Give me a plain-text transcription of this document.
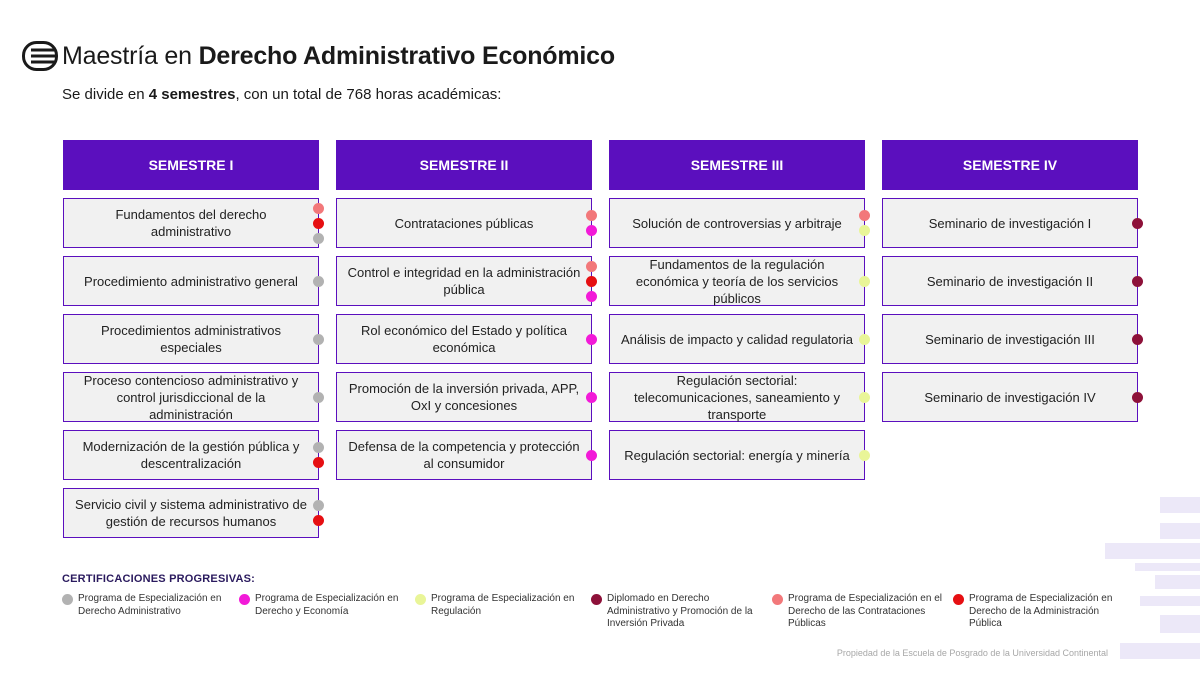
Maestría en Derecho Administrativo Económico
Se divide en 4 semestres, con un total de 768 horas académicas:
SEMESTRE I
Fundamentos del derecho administrativo
Procedimiento administrativo general
Procedimientos administrativos especiales
Proceso contencioso administrativo y control jurisdiccional de la administración
Modernización de la gestión pública y descentralización
Servicio civil y sistema administrativo de gestión de recursos humanos
SEMESTRE II
Contrataciones públicas
Control e integridad en la administración pública
Rol económico del Estado y política económica
Promoción de la inversión privada, APP, OxI y concesiones
Defensa de la competencia y protección al consumidor
SEMESTRE III
Solución de controversias y arbitraje
Fundamentos de la regulación económica y teoría de los servicios públicos
Análisis de impacto y calidad regulatoria
Regulación sectorial: telecomunicaciones, saneamiento y transporte
Regulación sectorial: energía y minería
SEMESTRE IV
Seminario de investigación I
Seminario de investigación II
Seminario de investigación III
Seminario de investigación IV
CERTIFICACIONES PROGRESIVAS:
Programa de Especialización en Derecho Administrativo
Programa de Especialización en Derecho y Economía
Programa de Especialización en Regulación
Diplomado en Derecho Administrativo y Promoción de la Inversión Privada
Programa de Especialización en el Derecho de las Contrataciones Públicas
Programa de Especialización en Derecho de la Administración Pública
Propiedad de la Escuela de Posgrado de la Universidad Continental
